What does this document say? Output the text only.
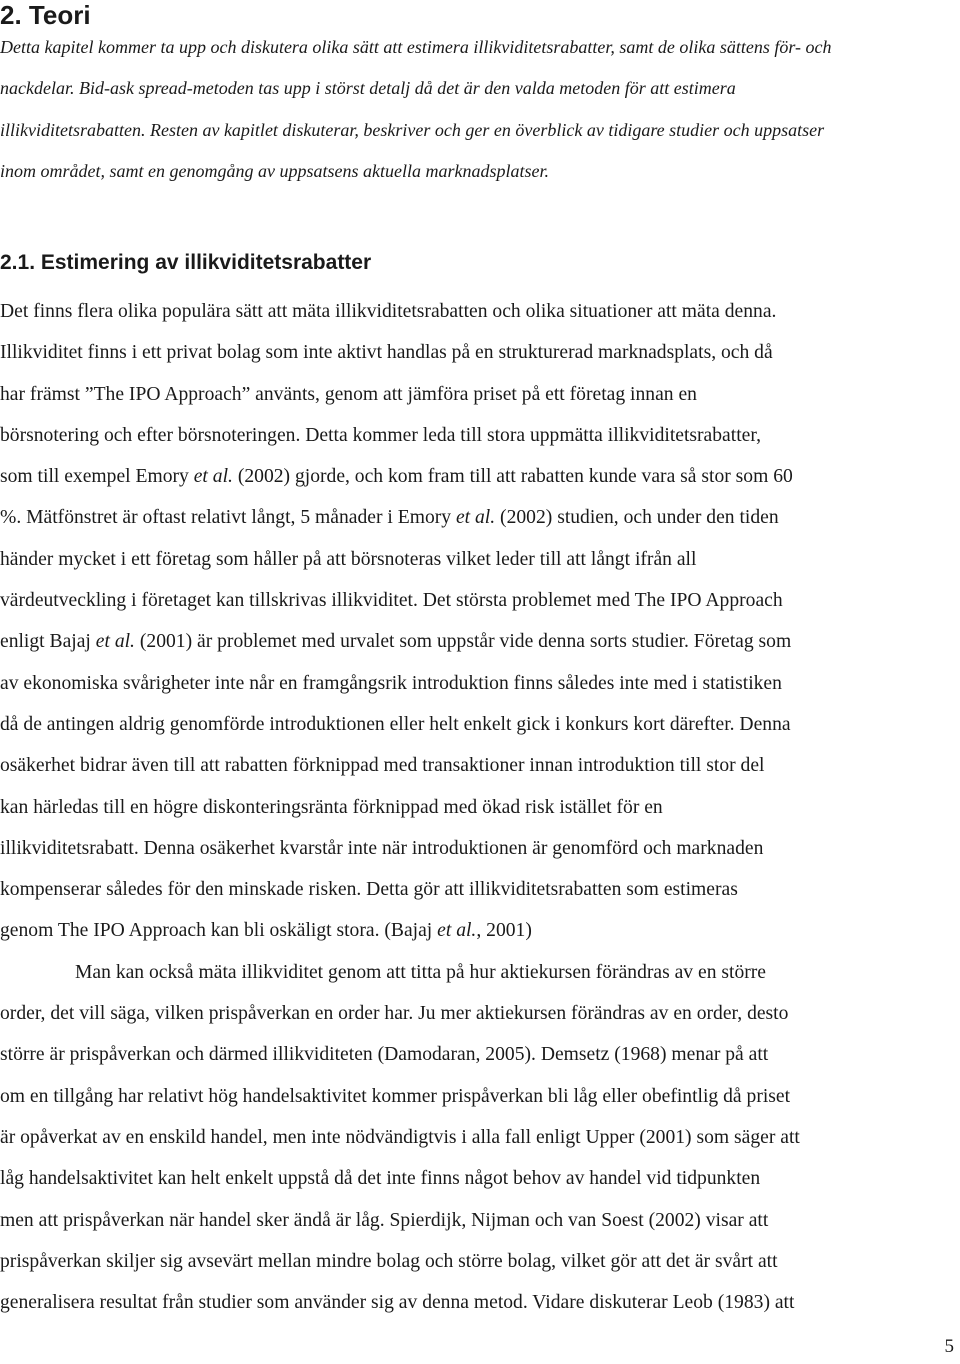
2. Teori

Detta kapitel kommer ta upp och diskutera olika sätt att estimera illikviditetsrabatter, samt de olika sättens för- och
nackdelar. Bid-ask spread-metoden tas upp i störst detalj då det är den valda metoden för att estimera
illikviditetsrabatten. Resten av kapitlet diskuterar, beskriver och ger en överblick av tidigare studier och uppsatser
inom området, samt en genomgång av uppsatsens aktuella marknadsplatser.

2.1. Estimering av illikviditetsrabatter
Det finns flera olika populära sätt att mäta illikviditetsrabatten och olika situationer att mäta denna.
Illikviditet finns i ett privat bolag som inte aktivt handlas på en strukturerad marknadsplats, och då
har främst ”The IPO Approach” använts, genom att jämföra priset på ett företag innan en
börsnotering och efter börsnoteringen. Detta kommer leda till stora uppmätta illikviditetsrabatter,
som till exempel Emory et al. (2002) gjorde, och kom fram till att rabatten kunde vara så stor som 60
%. Mätfönstret är oftast relativt långt, 5 månader i Emory et al. (2002) studien, och under den tiden
händer mycket i ett företag som håller på att börsnoteras vilket leder till att långt ifrån all
värdeutveckling i företaget kan tillskrivas illikviditet. Det största problemet med The IPO Approach
enligt Bajaj et al. (2001) är problemet med urvalet som uppstår vide denna sorts studier. Företag som
av ekonomiska svårigheter inte når en framgångsrik introduktion finns således inte med i statistiken
då de antingen aldrig genomförde introduktionen eller helt enkelt gick i konkurs kort därefter. Denna
osäkerhet bidrar även till att rabatten förknippad med transaktioner innan introduktion till stor del
kan härledas till en högre diskonteringsränta förknippad med ökad risk istället för en
illikviditetsrabatt. Denna osäkerhet kvarstår inte när introduktionen är genomförd och marknaden
kompenserar således för den minskade risken. Detta gör att illikviditetsrabatten som estimeras
genom The IPO Approach kan bli oskäligt stora. (Bajaj et al., 2001)
Man kan också mäta illikviditet genom att titta på hur aktiekursen förändras av en större
order, det vill säga, vilken prispåverkan en order har. Ju mer aktiekursen förändras av en order, desto
större är prispåverkan och därmed illikviditeten (Damodaran, 2005). Demsetz (1968) menar på att
om en tillgång har relativt hög handelsaktivitet kommer prispåverkan bli låg eller obefintlig då priset
är opåverkat av en enskild handel, men inte nödvändigtvis i alla fall enligt Upper (2001) som säger att
låg handelsaktivitet kan helt enkelt uppstå då det inte finns något behov av handel vid tidpunkten
men att prispåverkan när handel sker ändå är låg. Spierdijk, Nijman och van Soest (2002) visar att
prispåverkan skiljer sig avsevärt mellan mindre bolag och större bolag, vilket gör att det är svårt att
generalisera resultat från studier som använder sig av denna metod. Vidare diskuterar Leob (1983) att
5
